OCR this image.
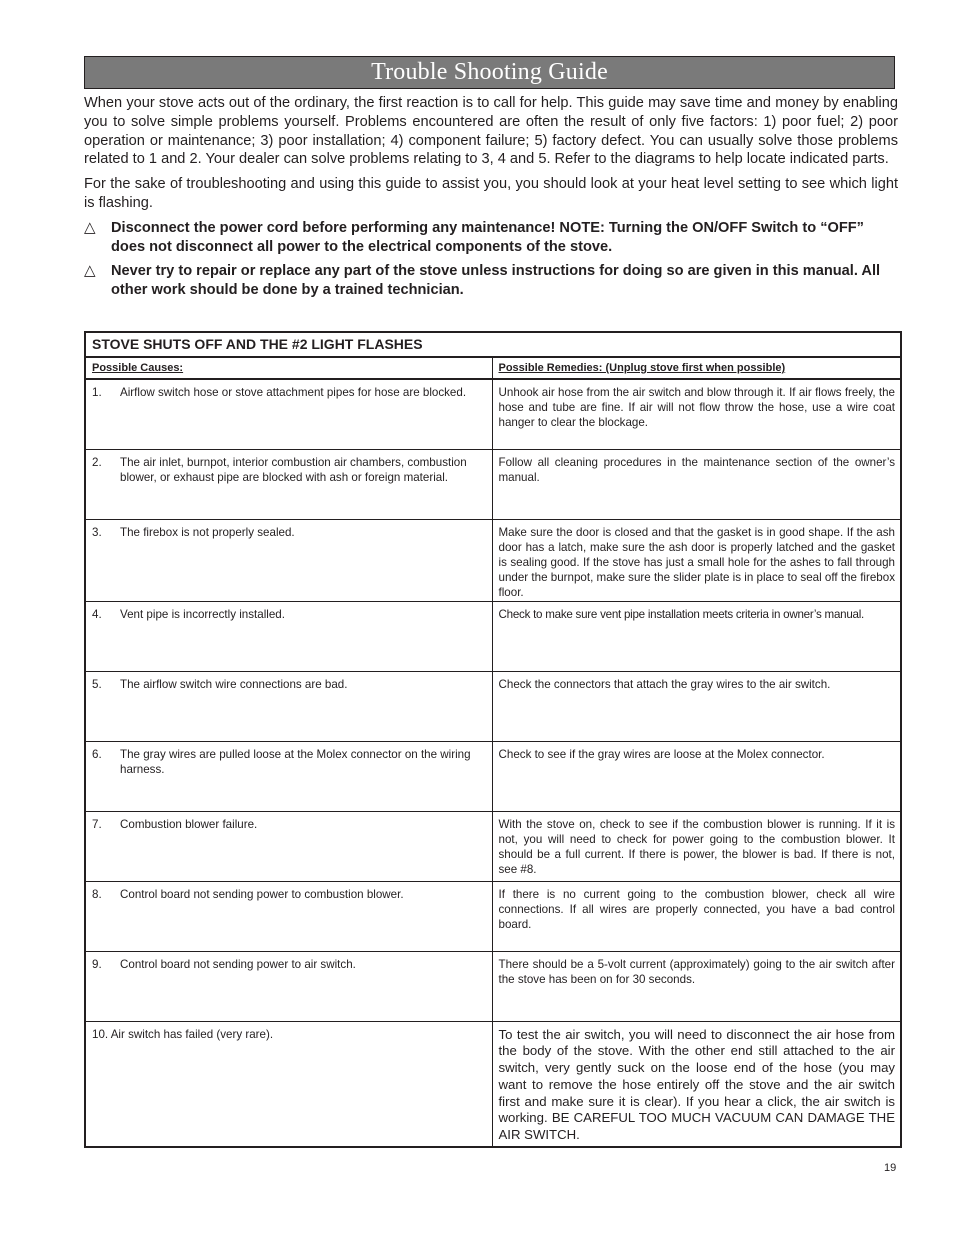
Trouble Shooting Guide

When your stove acts out of the ordinary, the first reaction is to call for help. This guide may save time and money by enabling you to solve simple problems yourself. Problems encountered are often the result of only five factors: 1) poor fuel; 2) poor operation or maintenance; 3) poor installation; 4) component failure; 5) factory defect. You can usually solve those problems related to 1 and 2. Your dealer can solve problems relating to 3, 4 and 5. Refer to the diagrams to help locate indicated parts.

For the sake of troubleshooting and using this guide to assist you, you should look at your heat level setting to see which light is flashing.

△	Disconnect the power cord before performing any maintenance! NOTE: Turning the ON/OFF Switch to “OFF” does not disconnect all power to the electrical components of the stove.
△	Never try to repair or replace any part of the stove unless instructions for doing so are given in this manual. All other work should be done by a trained technician.
STOVE SHUTS OFF AND THE #2 LIGHT FLASHES	
Possible Causes:	Possible Remedies: (Unplug stove first when possible)

1. Airflow switch hose or stove attachment pipes for hose are blocked.	Unhook air hose from the air switch and blow through it. If air flows freely, the hose and tube are fine. If air will not flow throw the hose, use a wire coat hanger to clear the blockage.

2. The air inlet, burnpot, interior combustion air chambers, combustion blower, or exhaust pipe are blocked with ash or foreign material.	Follow all cleaning procedures in the maintenance section of the owner’s manual.

3. The firebox is not properly sealed.	Make sure the door is closed and that the gasket is in good shape. If the ash door has a latch, make sure the ash door is properly latched and the gasket is sealing good. If the stove has just a small hole for the ashes to fall through under the burnpot, make sure the slider plate is in place to seal off the firebox floor.

4. Vent pipe is incorrectly installed.	Check to make sure vent pipe installation meets criteria in owner’s manual.

5. The airflow switch wire connections are bad.	Check the connectors that attach the gray wires to the air switch.

6. The gray wires are pulled loose at the Molex connector on the wiring harness.	Check to see if the gray wires are loose at the Molex connector.

7. Combustion blower failure.	With the stove on, check to see if the combustion blower is running. If it is not, you will need to check for power going to the combustion blower. It should be a full current. If there is power, the blower is bad. If there is not, see #8.

8. Control board not sending power to combustion blower.	If there is no current going to the combustion blower, check all wire connections. If all wires are properly connected, you have a bad control board.

9. Control board not sending power to air switch.	There should be a 5-volt current (approximately) going to the air switch after the stove has been on for 30 seconds.
10. Air switch has failed (very rare).	To test the air switch, you will need to disconnect the air hose from the body of the stove. With the other end still attached to the air switch, very gently suck on the loose end of the hose (you may want to remove the hose entirely off the stove and the air switch first and make sure it is clear). If you hear a click, the air switch is working. BE CAREFUL TOO MUCH VACUUM CAN DAMAGE THE AIR SWITCH.
19
